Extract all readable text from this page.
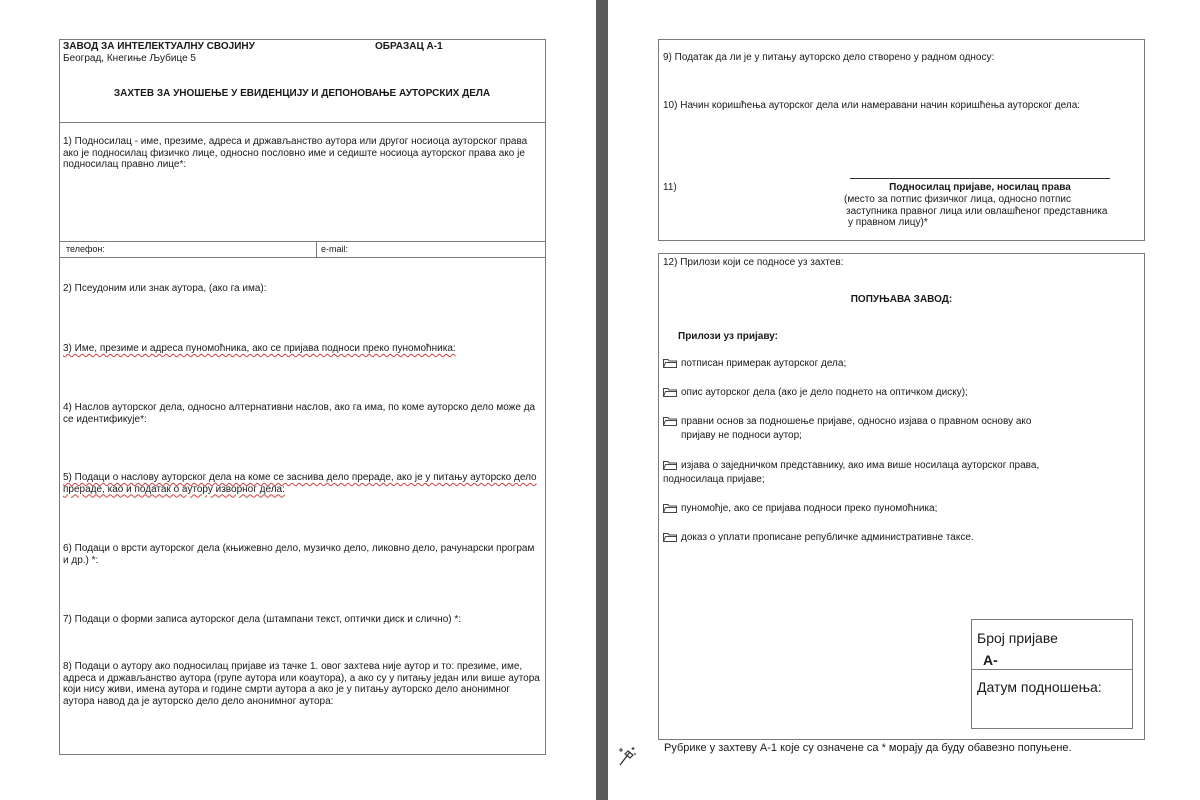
ЗАВОД ЗА ИНТЕЛЕКТУАЛНУ СВОЈИНУ	ОБРАЗАЦ А-1
Београд, Кнегиње Љубице 5
ЗАХТЕВ ЗА УНОШЕЊЕ У ЕВИДЕНЦИЈУ И ДЕПОНОВАЊЕ АУТОРСКИХ ДЕЛА
1) Подносилац - име, презиме, адреса и држављанство аутора или другог носиоца ауторског права ако је подносилац физичко лице, односно пословно име и седиште носиоца ауторског права ако је подносилац правно лице*:
телефон:	е-mail:
2) Псеудоним или знак аутора, (ако га има):
3) Име, презиме и адреса пуномоћника, ако се пријава подноси преко пуномоћника:
4) Наслов ауторског дела, односно алтернативни наслов, ако га има, по коме ауторско дело може да се идентификује*:
5) Подаци о наслову ауторског дела на коме се заснива дело прераде, ако је у питању ауторско дело прераде, као и податак о аутору изворног дела:
6) Подаци о врсти ауторског дела (књижевно дело, музичко дело, ликовно дело, рачунарски програм и др.) *:
7) Подаци о форми записа ауторског дела (штампани текст, оптички диск и слично) *:
8) Подаци о аутору ако подносилац пријаве из тачке 1. овог захтева није аутор и то: презиме, име, адреса и држављанство аутора (групе аутора или коаутора), а ако су у питању један или више аутора који нису живи, имена аутора и године смрти аутора а ако је у питању ауторско дело анонимног аутора навод да је ауторско дело дело анонимног аутора:
9) Податак да ли је у питању ауторско дело створено у радном односу:
10) Начин коришћења ауторског дела или намеравани начин коришћења ауторског дела:
11)	Подносилац пријаве, носилац права
(место за потпис физичког лица, односно потпис
заступника правног лица или овлашћеног представника
у правном лицу)*
12) Прилози који се подносе уз захтев:
ПОПУЊАВА ЗАВОД:
Прилози уз пријаву:
потписан примерак ауторског дела;
опис ауторског дела (ако је дело поднето на оптичком диску);
правни основ за подношење пријаве, односно изјава о правном основу ако
пријаву не подноси аутор;
изјава о заједничком представнику, ако има више носилаца ауторског права,
подносилаца пријаве;
пуномоћје, ако се пријава подноси преко пуномоћника;
доказ о уплати прописане републичке административне таксе.
Број пријаве
А-
Датум подношења:
Рубрике у захтеву А-1 које су означене са * морају да буду обавезно попуњене.
